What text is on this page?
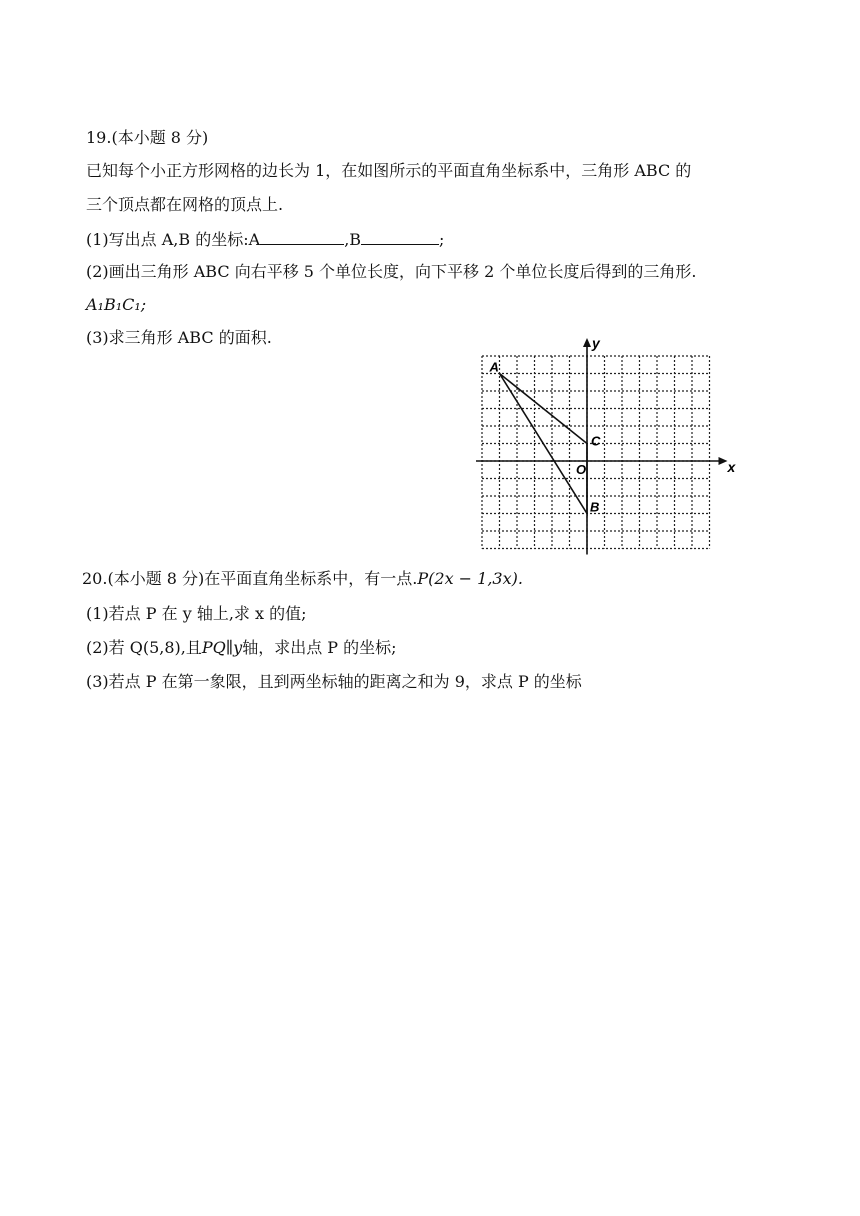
19.(本小题 8 分)
已知每个小正方形网格的边长为 1，在如图所示的平面直角坐标系中，三角形 ABC 的
三个顶点都在网格的顶点上.
(1)写出点 A,B 的坐标:A	,B	;
(2)画出三角形 ABC 向右平移 5 个单位长度，向下平移 2 个单位长度后得到的三角形.
A₁B₁C₁;
(3)求三角形 ABC 的面积.
A
B
C
O	x
y
20.(本小题 8 分)在平面直角坐标系中，有一点.P(2x − 1,3x).
(1)若点 P 在 y 轴上,求 x 的值;
(2)若 Q(5,8),且PQ∥y轴，求出点 P 的坐标;
(3)若点 P 在第一象限，且到两坐标轴的距离之和为 9，求点 P 的坐标
